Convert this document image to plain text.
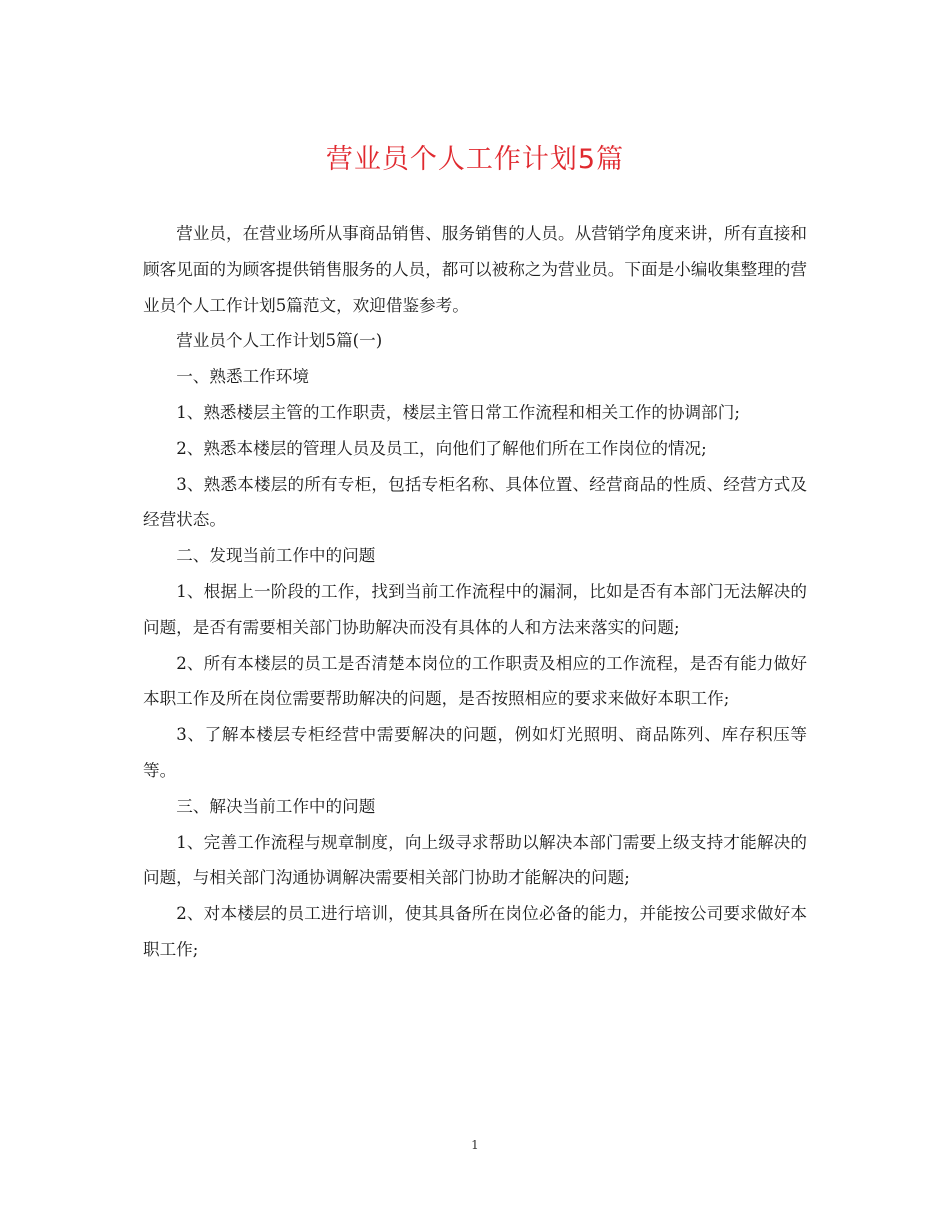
营业员个人工作计划5篇

营业员，在营业场所从事商品销售、服务销售的人员。从营销学角度来讲，所有直接和顾客见面的为顾客提供销售服务的人员，都可以被称之为营业员。下面是小编收集整理的营业员个人工作计划5篇范文，欢迎借鉴参考。

营业员个人工作计划5篇(一)

一、熟悉工作环境

1、熟悉楼层主管的工作职责，楼层主管日常工作流程和相关工作的协调部门;

2、熟悉本楼层的管理人员及员工，向他们了解他们所在工作岗位的情况;

3、熟悉本楼层的所有专柜，包括专柜名称、具体位置、经营商品的性质、经营方式及经营状态。

二、发现当前工作中的问题

1、根据上一阶段的工作，找到当前工作流程中的漏洞，比如是否有本部门无法解决的问题，是否有需要相关部门协助解决而没有具体的人和方法来落实的问题;

2、所有本楼层的员工是否清楚本岗位的工作职责及相应的工作流程，是否有能力做好本职工作及所在岗位需要帮助解决的问题，是否按照相应的要求来做好本职工作;

3、了解本楼层专柜经营中需要解决的问题，例如灯光照明、商品陈列、库存积压等等。

三、解决当前工作中的问题

1、完善工作流程与规章制度，向上级寻求帮助以解决本部门需要上级支持才能解决的问题，与相关部门沟通协调解决需要相关部门协助才能解决的问题;

2、对本楼层的员工进行培训，使其具备所在岗位必备的能力，并能按公司要求做好本职工作;

1
